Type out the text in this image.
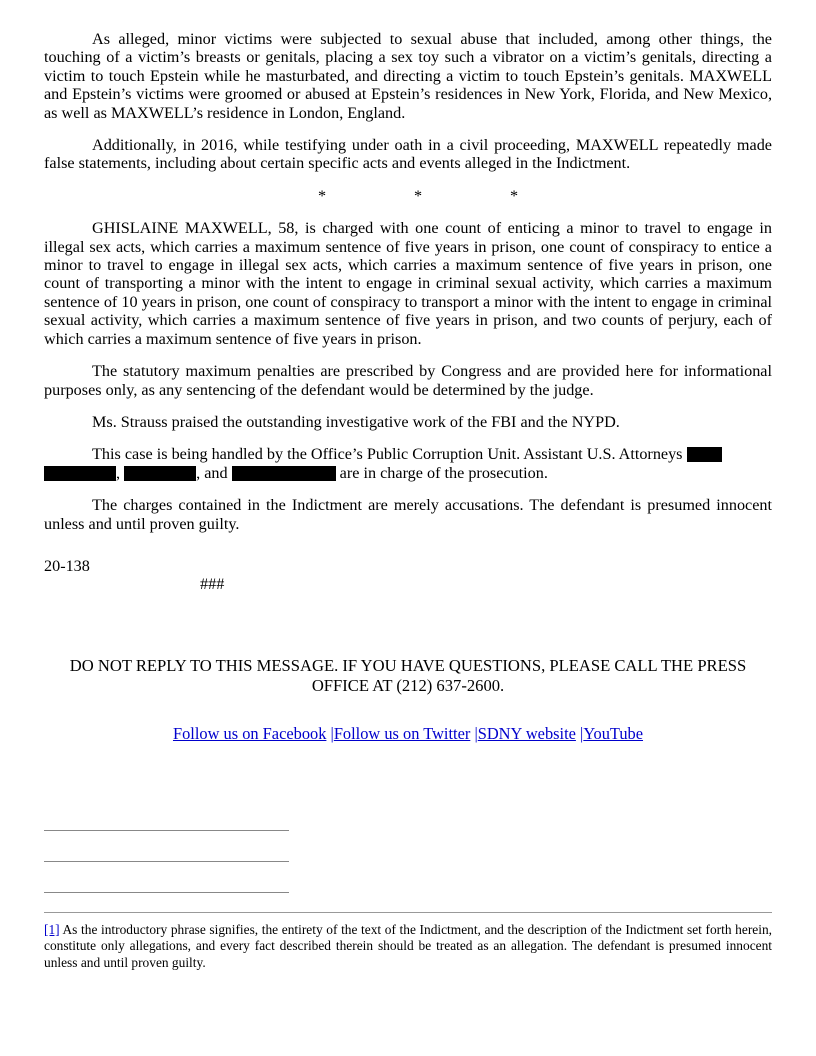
As alleged, minor victims were subjected to sexual abuse that included, among other things, the touching of a victim’s breasts or genitals, placing a sex toy such a vibrator on a victim’s genitals, directing a victim to touch Epstein while he masturbated, and directing a victim to touch Epstein’s genitals. MAXWELL and Epstein’s victims were groomed or abused at Epstein’s residences in New York, Florida, and New Mexico, as well as MAXWELL’s residence in London, England.

Additionally, in 2016, while testifying under oath in a civil proceeding, MAXWELL repeatedly made false statements, including about certain specific acts and events alleged in the Indictment.

*	*	*

GHISLAINE MAXWELL, 58, is charged with one count of enticing a minor to travel to engage in illegal sex acts, which carries a maximum sentence of five years in prison, one count of conspiracy to entice a minor to travel to engage in illegal sex acts, which carries a maximum sentence of five years in prison, one count of transporting a minor with the intent to engage in criminal sexual activity, which carries a maximum sentence of 10 years in prison, one count of conspiracy to transport a minor with the intent to engage in criminal sexual activity, which carries a maximum sentence of five years in prison, and two counts of perjury, each of which carries a maximum sentence of five years in prison.

The statutory maximum penalties are prescribed by Congress and are provided here for informational purposes only, as any sentencing of the defendant would be determined by the judge.

Ms. Strauss praised the outstanding investigative work of the FBI and the NYPD.

This case is being handled by the Office’s Public Corruption Unit. Assistant U.S. Attorneys
,	, and	are in charge of the prosecution.

The charges contained in the Indictment are merely accusations. The defendant is presumed innocent unless and until proven guilty.

20-138

###

DO NOT REPLY TO THIS MESSAGE. IF YOU HAVE QUESTIONS, PLEASE CALL THE PRESS OFFICE AT (212) 637-2600.

Follow us on Facebook |Follow us on Twitter |SDNY website |YouTube

[1] As the introductory phrase signifies, the entirety of the text of the Indictment, and the description of the Indictment set forth herein, constitute only allegations, and every fact described therein should be treated as an allegation. The defendant is presumed innocent unless and until proven guilty.
